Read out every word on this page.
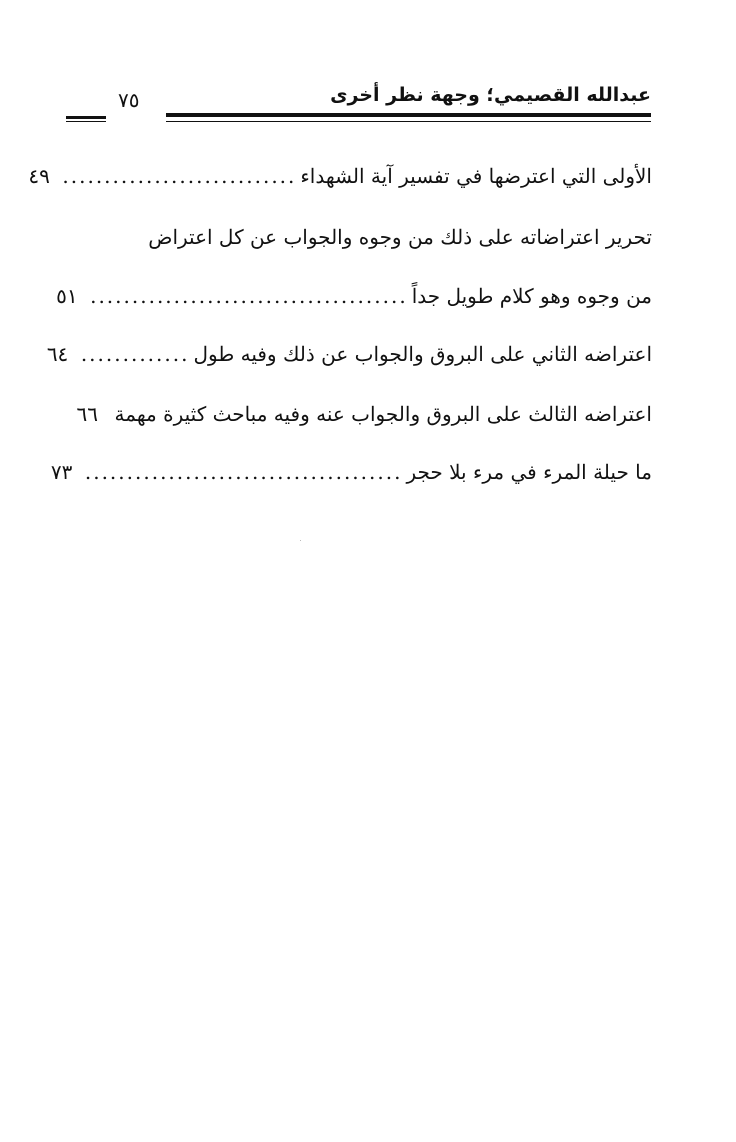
عبدالله القصيمي؛ وجهة نظر أخرى
٧٥
الأولى التي اعترضها في تفسير آية الشهداء
............................
٤٩
تحرير اعتراضاته على ذلك من وجوه والجواب عن كل اعتراض
من وجوه وهو كلام طويل جداً
......................................
٥١
اعتراضه الثاني على البروق والجواب عن ذلك وفيه طول
.............
٦٤
اعتراضه الثالث على البروق والجواب عنه وفيه مباحث كثيرة مهمة
٦٦
ما حيلة المرء في مرء بلا حجر
......................................
٧٣
